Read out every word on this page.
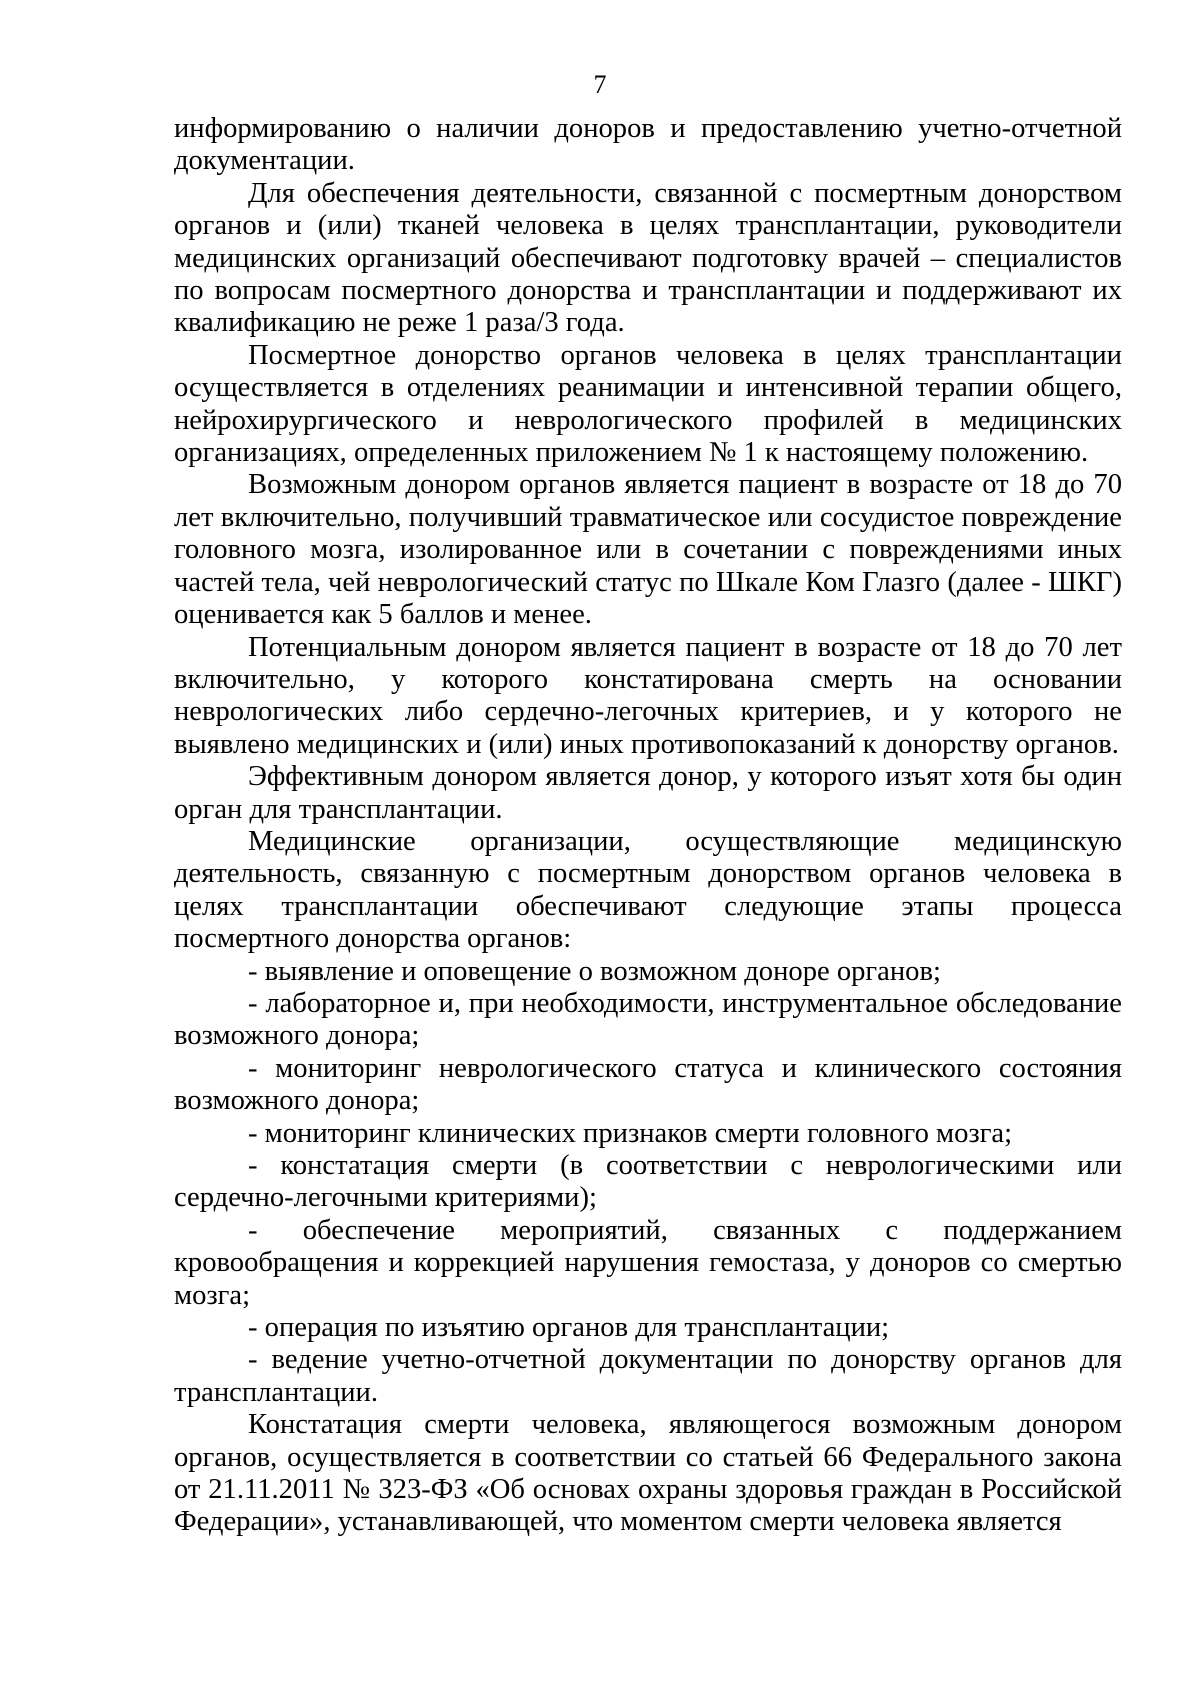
7

информированию о наличии доноров и предоставлению учетно-отчетной документации.

Для обеспечения деятельности, связанной с посмертным донорством органов и (или) тканей человека в целях трансплантации, руководители медицинских организаций обеспечивают подготовку врачей – специалистов по вопросам посмертного донорства и трансплантации и поддерживают их квалификацию не реже 1 раза/3 года.

Посмертное донорство органов человека в целях трансплантации осуществляется в отделениях реанимации и интенсивной терапии общего, нейрохирургического и неврологического профилей в медицинских организациях, определенных приложением № 1 к настоящему положению.

Возможным донором органов является пациент в возрасте от 18 до 70 лет включительно, получивший травматическое или сосудистое повреждение головного мозга, изолированное или в сочетании с повреждениями иных частей тела, чей неврологический статус по Шкале Ком Глазго (далее - ШКГ) оценивается как 5 баллов и менее.

Потенциальным донором является пациент в возрасте от 18 до 70 лет включительно, у которого констатирована смерть на основании неврологических либо сердечно-легочных критериев, и у которого не выявлено медицинских и (или) иных противопоказаний к донорству органов.

Эффективным донором является донор, у которого изъят хотя бы один орган для трансплантации.

Медицинские организации, осуществляющие медицинскую деятельность, связанную с посмертным донорством органов человека в целях трансплантации обеспечивают следующие этапы процесса посмертного донорства органов:

- выявление и оповещение о возможном доноре органов;

- лабораторное и, при необходимости, инструментальное обследование возможного донора;

- мониторинг неврологического статуса и клинического состояния возможного донора;

- мониторинг клинических признаков смерти головного мозга;

- констатация смерти (в соответствии с неврологическими или сердечно-легочными критериями);

- обеспечение мероприятий, связанных с поддержанием кровообращения и коррекцией нарушения гемостаза, у доноров со смертью мозга;

- операция по изъятию органов для трансплантации;

- ведение учетно-отчетной документации по донорству органов для трансплантации.

Констатация смерти человека, являющегося возможным донором органов, осуществляется в соответствии со статьей 66 Федерального закона от 21.11.2011 № 323-ФЗ «Об основах охраны здоровья граждан в Российской Федерации», устанавливающей, что моментом смерти человека является
